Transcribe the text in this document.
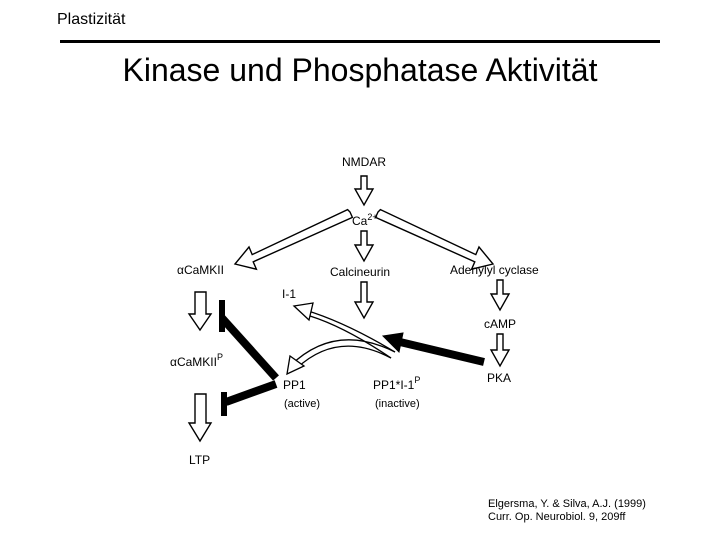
Plastizität
Kinase und Phosphatase Aktivität
NMDAR
$Ca^{2+}$
αCaMKII	Calcineurin	Adenylyl cyclase
I-1
cAMP
αCaMKII$^P$
PKA
PP1
(active)
$PP1*I-1^P$
(inactive)
LTP
Elgersma, Y. & Silva, A.J. (1999)
Curr. Op. Neurobiol. 9, 209ff
